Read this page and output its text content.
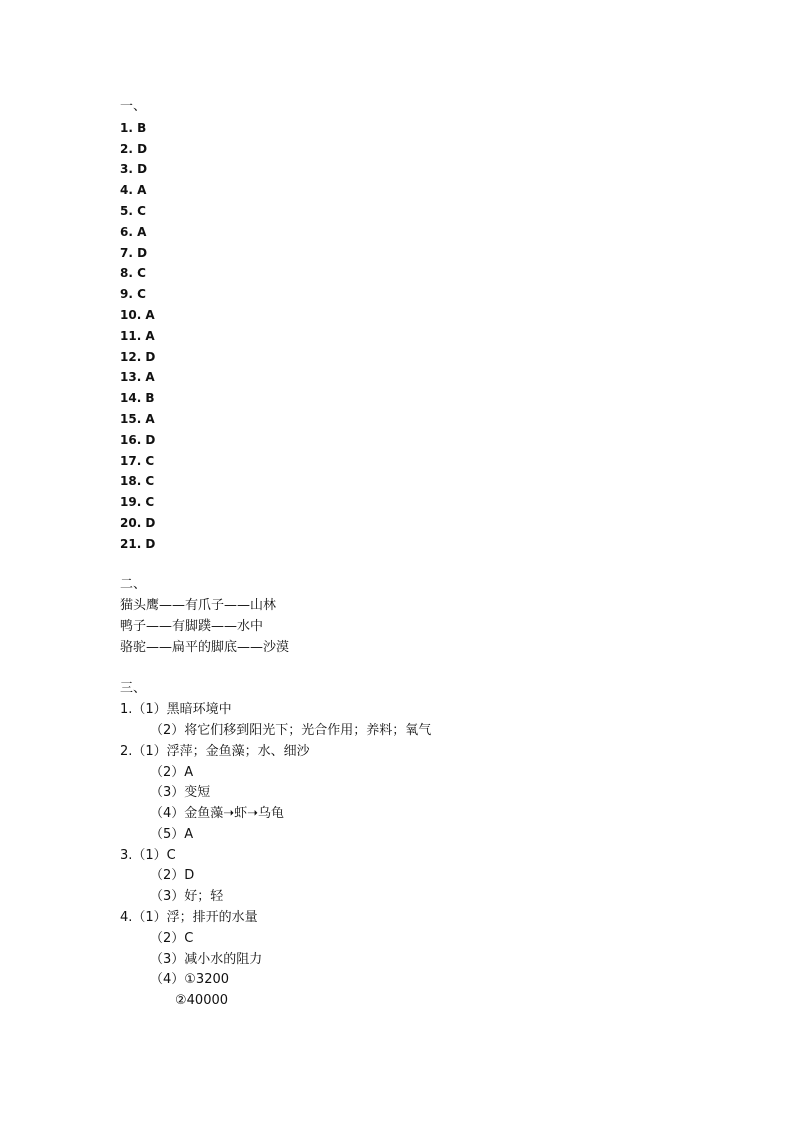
一、
1. B
2. D
3. D
4. A
5. C
6. A
7. D
8. C
9. C
10. A
11. A
12. D
13. A
14. B
15. A
16. D
17. C
18. C
19. C
20. D
21. D
二、
猫头鹰——有爪子——山林
鸭子——有脚蹼——水中
骆驼——扁平的脚底——沙漠
三、
1.（1）黑暗环境中
（2）将它们移到阳光下；光合作用；养料；氧气
2.（1）浮萍；金鱼藻；水、细沙
（2）A
（3）变短
（4）金鱼藻➝虾➝乌龟
（5）A
3.（1）C
（2）D
（3）好；轻
4.（1）浮；排开的水量
（2）C
（3）减小水的阻力
（4）①3200
②40000
